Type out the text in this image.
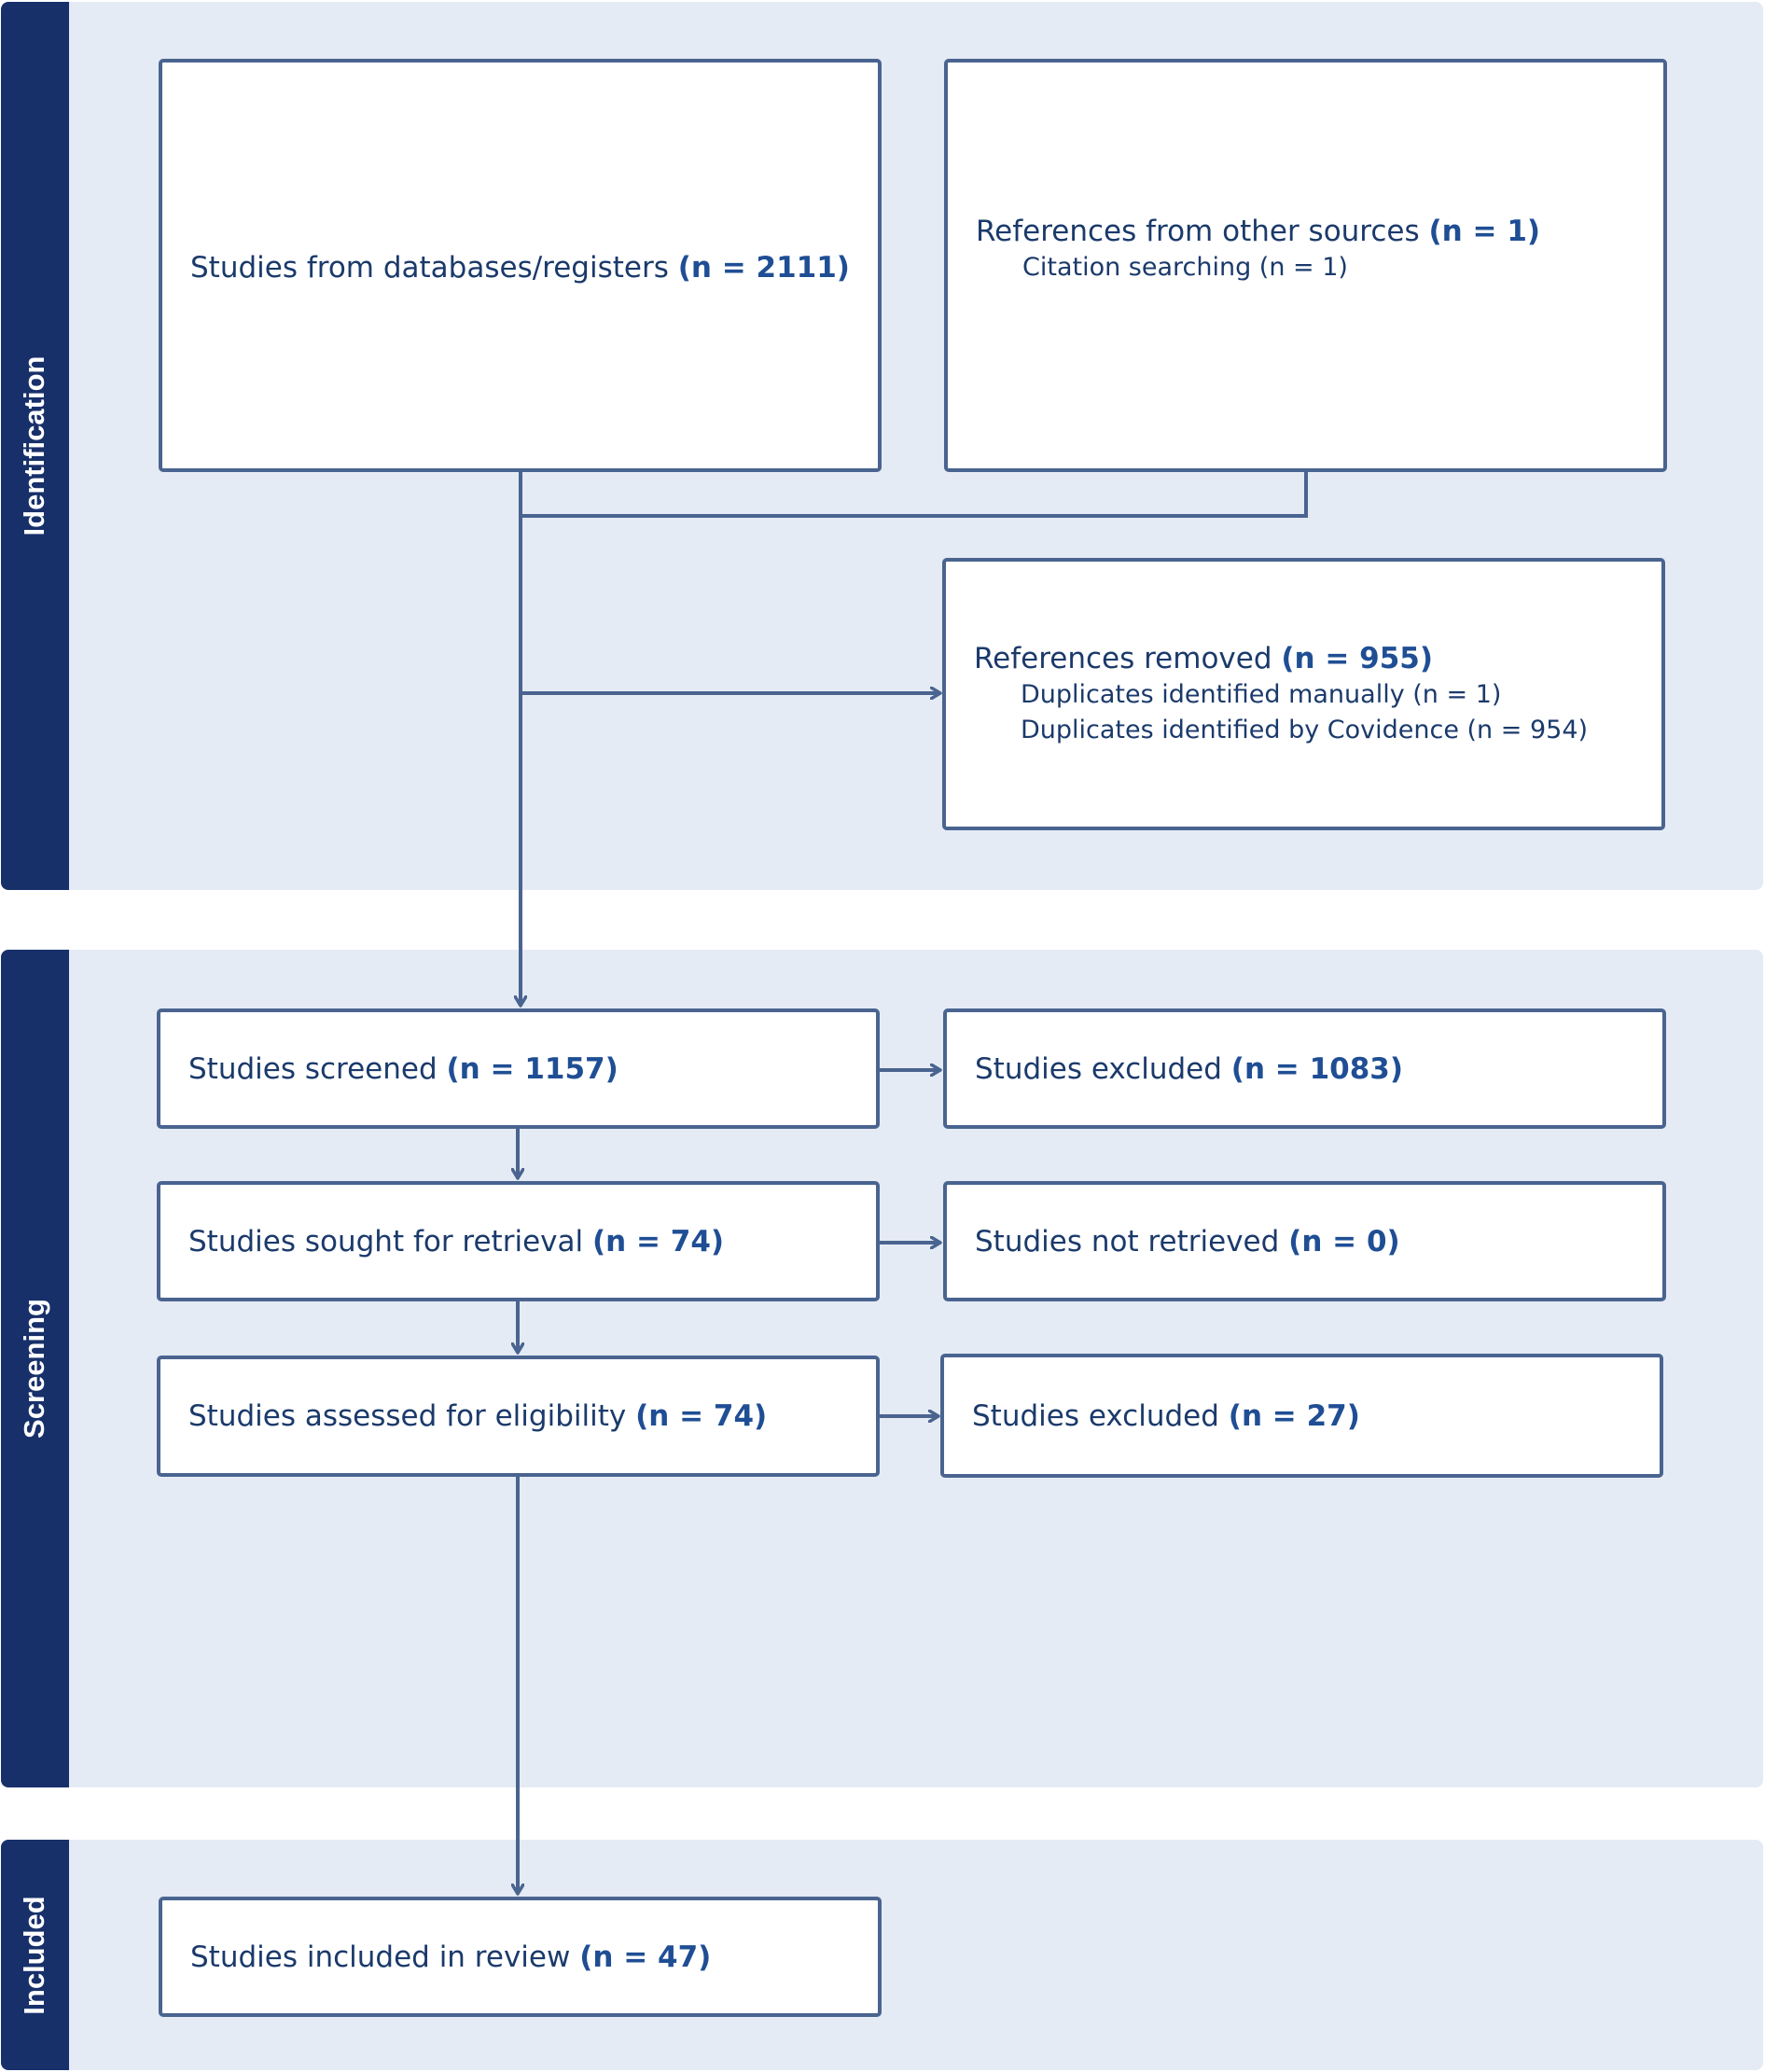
Identification
Screening
Included
Studies from databases/registers (n = 2111)
References from other sources (n = 1)
Citation searching (n = 1)
References removed (n = 955)
Duplicates identified manually (n = 1)
Duplicates identified by Covidence (n = 954)
Studies screened (n = 1157)	Studies excluded (n = 1083)
Studies sought for retrieval (n = 74)	Studies not retrieved (n = 0)
Studies assessed for eligibility (n = 74)	Studies excluded (n = 27)
Studies included in review (n = 47)
